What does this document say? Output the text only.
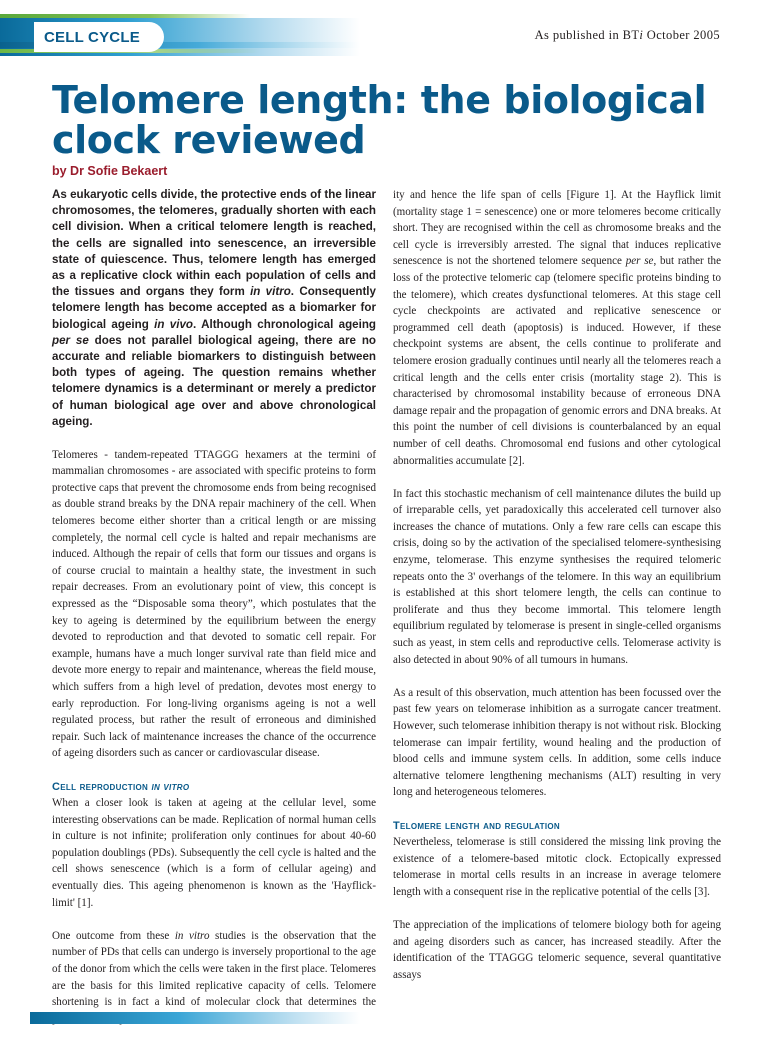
CELL CYCLE	As published in BTi October 2005
Telomere length: the biological clock reviewed
by Dr Sofie Bekaert

As eukaryotic cells divide, the protective ends of the linear chromosomes, the telomeres, gradually shorten with each cell division. When a critical telomere length is reached, the cells are signalled into senescence, an irreversible state of quiescence. Thus, telomere length has emerged as a replicative clock within each population of cells and the tissues and organs they form in vitro. Consequently telomere length has become accepted as a biomarker for biological ageing in vivo. Although chronological ageing per se does not parallel biological ageing, there are no accurate and reliable biomarkers to distinguish between both types of ageing. The question remains whether telomere dynamics is a determinant or merely a predictor of human biological age over and above chronological ageing.

Telomeres - tandem-repeated TTAGGG hexamers at the termini of mammalian chromosomes - are associated with specific proteins to form protective caps that prevent the chromosome ends from being recognised as double strand breaks by the DNA repair machinery of the cell. When telomeres become either shorter than a critical length or are missing completely, the normal cell cycle is halted and repair mechanisms are induced. Although the repair of cells that form our tissues and organs is of course crucial to maintain a healthy state, the investment in such repair decreases. From an evolutionary point of view, this concept is expressed as the “Disposable soma theory”, which postulates that the key to ageing is determined by the equilibrium between the energy devoted to reproduction and that devoted to somatic cell repair. For example, humans have a much longer survival rate than field mice and devote more energy to repair and maintenance, whereas the field mouse, which suffers from a high level of predation, devotes most energy to early reproduction. For long-living organisms ageing is not a well regulated process, but rather the result of erroneous and diminished repair. Such lack of maintenance increases the chance of the occurrence of ageing disorders such as cancer or cardiovascular disease.

Cell reproduction in vitro

When a closer look is taken at ageing at the cellular level, some interesting observations can be made. Replication of normal human cells in culture is not infinite; proliferation only continues for about 40-60 population doublings (PDs). Subsequently the cell cycle is halted and the cell shows senescence (which is a form of cellular ageing) and eventually dies. This ageing phenomenon is known as the 'Hayflick-limit' [1].

One outcome from these in vitro studies is the observation that the number of PDs that cells can undergo is inversely proportional to the age of the donor from which the cells were taken in the first place. Telomeres are the basis for this limited replicative capacity of cells. Telomere shortening is in fact a kind of molecular clock that determines the

ity and hence the life span of cells [Figure 1]. At the Hayflick limit (mortality stage 1 = senescence) one or more telomeres become critically short. They are recognised within the cell as chromosome breaks and the cell cycle is irreversibly arrested. The signal that induces replicative senescence is not the shortened telomere sequence per se, but rather the loss of the protective telomeric cap (telomere specific proteins binding to the telomere), which creates dysfunctional telomeres. At this stage cell cycle checkpoints are activated and replicative senescence or programmed cell death (apoptosis) is induced. However, if these checkpoint systems are absent, the cells continue to proliferate and telomere erosion gradually continues until nearly all the telomeres reach a critical length and the cells enter crisis (mortality stage 2). This is characterised by chromosomal instability because of erroneous DNA damage repair and the propagation of genomic errors and DNA breaks. At this point the number of cell divisions is counterbalanced by an equal number of cell deaths. Chromosomal end fusions and other cytological abnormalities accumulate [2].

In fact this stochastic mechanism of cell maintenance dilutes the build up of irreparable cells, yet paradoxically this accelerated cell turnover also increases the chance of mutations. Only a few rare cells can escape this crisis, doing so by the activation of the specialised telomere-synthesising enzyme, telomerase. This enzyme synthesises the required telomeric repeats onto the 3' overhangs of the telomere. In this way an equilibrium is established at this short telomere length, the cells can continue to proliferate and thus they become immortal. This telomere length equilibrium regulated by telomerase is present in single-celled organisms such as yeast, in stem cells and reproductive cells. Telomerase activity is also detected in about 90% of all tumours in humans.

As a result of this observation, much attention has been focussed over the past few years on telomerase inhibition as a surrogate cancer treatment. However, such telomerase inhibition therapy is not without risk. Blocking telomerase can impair fertility, wound healing and the production of blood cells and immune system cells. In addition, some cells induce alternative telomere lengthening mechanisms (ALT) resulting in very long and heterogeneous telomeres.

Telomere length and regulation

Nevertheless, telomerase is still considered the missing link proving the existence of a telomere-based mitotic clock. Ectopically expressed telomerase in mortal cells results in an increase in average telomere length with a consequent rise in the replicative potential of the cells [3].

The appreciation of the implications of telomere biology both for ageing and ageing disorders such as cancer, has increased steadily. After the identification of the TTAGGG telomeric sequence, several quantitative assays
